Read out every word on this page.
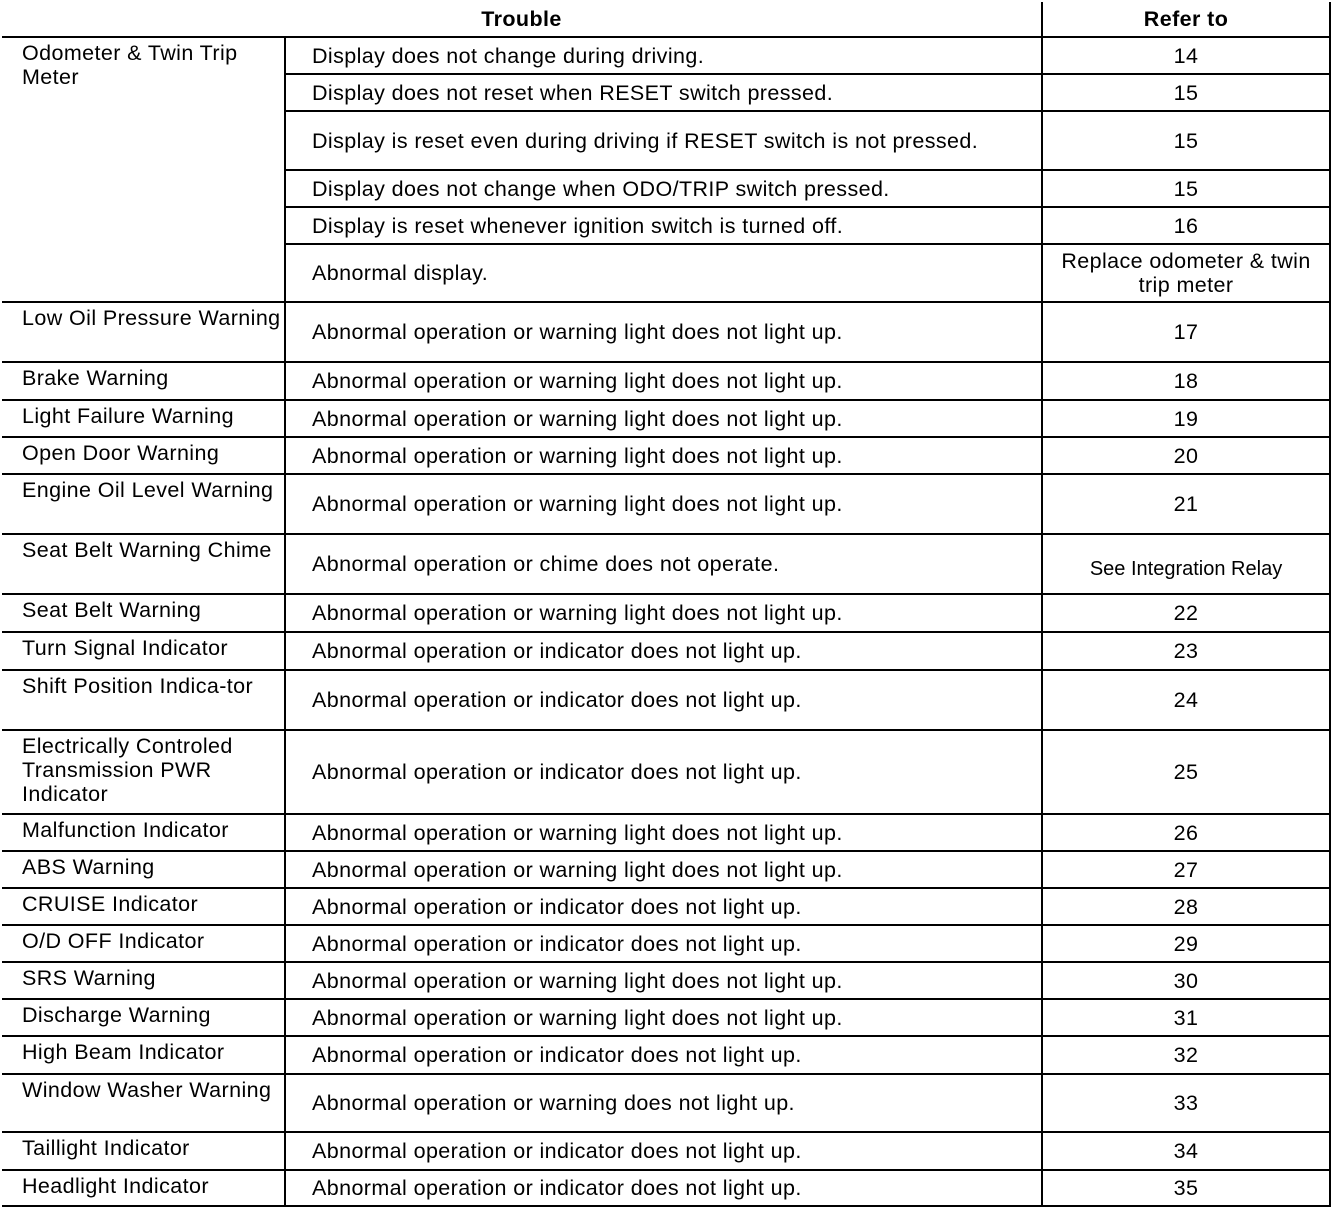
Trouble		Refer to
Odometer & Twin Trip Meter	Display does not change during driving.	14
	Display does not reset when RESET switch pressed.	15
	Display is reset even during driving if RESET switch is not pressed.	15
	Display does not change when ODO/TRIP switch pressed.	15
	Display is reset whenever ignition switch is turned off.	16
	Abnormal display.	Replace odometer & twin trip meter
Low Oil Pressure Warning	Abnormal operation or warning light does not light up.	17
Brake Warning	Abnormal operation or warning light does not light up.	18
Light Failure Warning	Abnormal operation or warning light does not light up.	19
Open Door Warning	Abnormal operation or warning light does not light up.	20
Engine Oil Level Warning	Abnormal operation or warning light does not light up.	21
Seat Belt Warning Chime	Abnormal operation or chime does not operate.	See Integration Relay
Seat Belt Warning	Abnormal operation or warning light does not light up.	22
Turn Signal Indicator	Abnormal operation or indicator does not light up.	23
Shift Position Indica-tor	Abnormal operation or indicator does not light up.	24
Electrically Controled Transmission PWR Indicator	Abnormal operation or indicator does not light up.	25
Malfunction Indicator	Abnormal operation or warning light does not light up.	26
ABS Warning	Abnormal operation or warning light does not light up.	27
CRUISE Indicator	Abnormal operation or indicator does not light up.	28
O/D OFF Indicator	Abnormal operation or indicator does not light up.	29
SRS Warning	Abnormal operation or warning light does not light up.	30
Discharge Warning	Abnormal operation or warning light does not light up.	31
High Beam Indicator	Abnormal operation or indicator does not light up.	32
Window Washer Warning	Abnormal operation or warning does not light up.	33
Taillight Indicator	Abnormal operation or indicator does not light up.	34
Headlight Indicator	Abnormal operation or indicator does not light up.	35
